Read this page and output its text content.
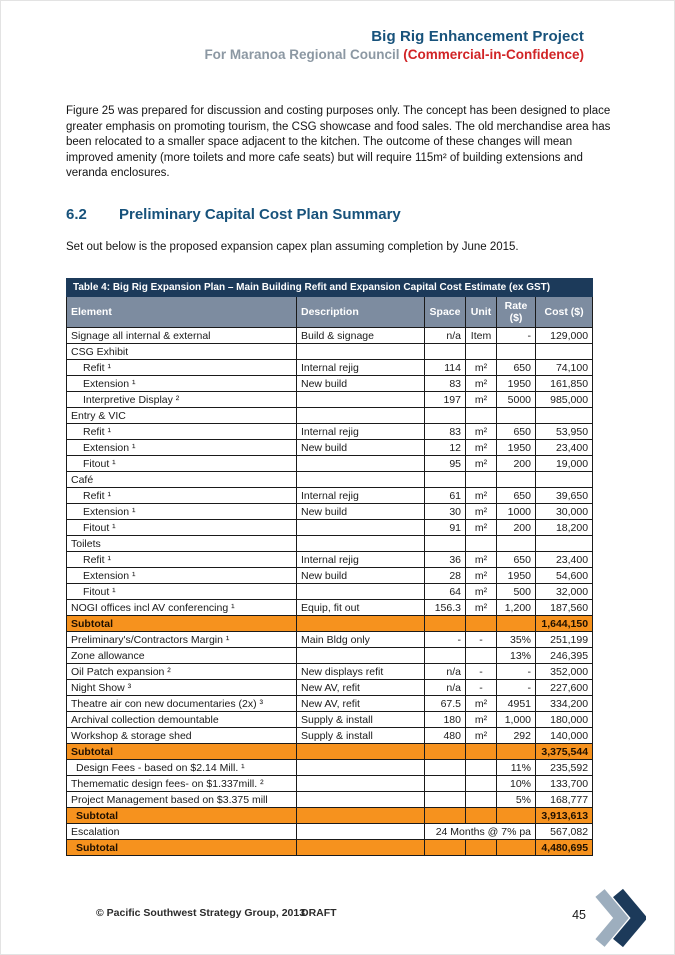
Big Rig Enhancement Project
For Maranoa Regional Council (Commercial-in-Confidence)

Figure 25 was prepared for discussion and costing purposes only. The concept has been designed to place greater emphasis on promoting tourism, the CSG showcase and food sales. The old merchandise area has been relocated to a smaller space adjacent to the kitchen. The outcome of these changes will mean improved amenity (more toilets and more cafe seats) but will require 115m² of building extensions and veranda enclosures.

6.2	Preliminary Capital Cost Plan Summary

Set out below is the proposed expansion capex plan assuming completion by June 2015.

Table 4: Big Rig Expansion Plan – Main Building Refit and Expansion Capital Cost Estimate (ex GST)					
Element	Description	Space	Unit	Rate ($)	Cost ($)
Signage all internal & external	Build & signage	n/a	Item	-	129,000
CSG Exhibit					
Refit ¹	Internal rejig	114	m²	650	74,100
Extension ¹	New build	83	m²	1950	161,850
Interpretive Display ²		197	m²	5000	985,000
Entry & VIC					
Refit ¹	Internal rejig	83	m²	650	53,950
Extension ¹	New build	12	m²	1950	23,400
Fitout ¹		95	m²	200	19,000
Café					
Refit ¹	Internal rejig	61	m²	650	39,650
Extension ¹	New build	30	m²	1000	30,000
Fitout ¹		91	m²	200	18,200
Toilets					
Refit ¹	Internal rejig	36	m²	650	23,400
Extension ¹	New build	28	m²	1950	54,600
Fitout ¹		64	m²	500	32,000
NOGI offices incl AV conferencing ¹	Equip, fit out	156.3	m²	1,200	187,560
Subtotal					1,644,150
Preliminary's/Contractors Margin ¹	Main Bldg only	-	-	35%	251,199
Zone allowance				13%	246,395
Oil Patch expansion ²	New displays refit	n/a	-	-	352,000
Night Show ³	New AV, refit	n/a	-	-	227,600
Theatre air con new documentaries (2x) ³	New AV, refit	67.5	m²	4951	334,200
Archival collection demountable	Supply & install	180	m²	1,000	180,000
Workshop & storage shed	Supply & install	480	m²	292	140,000
Subtotal					3,375,544
Design Fees - based on $2.14 Mill. ¹				11%	235,592
Themematic design fees- on $1.337mill. ²				10%	133,700
Project Management based on $3.375 mill				5%	168,777
Subtotal					3,913,613
Escalation		24 Months @ 7% pa			567,082
Subtotal					4,480,695
© Pacific Southwest Strategy Group, 2013
DRAFT	45
